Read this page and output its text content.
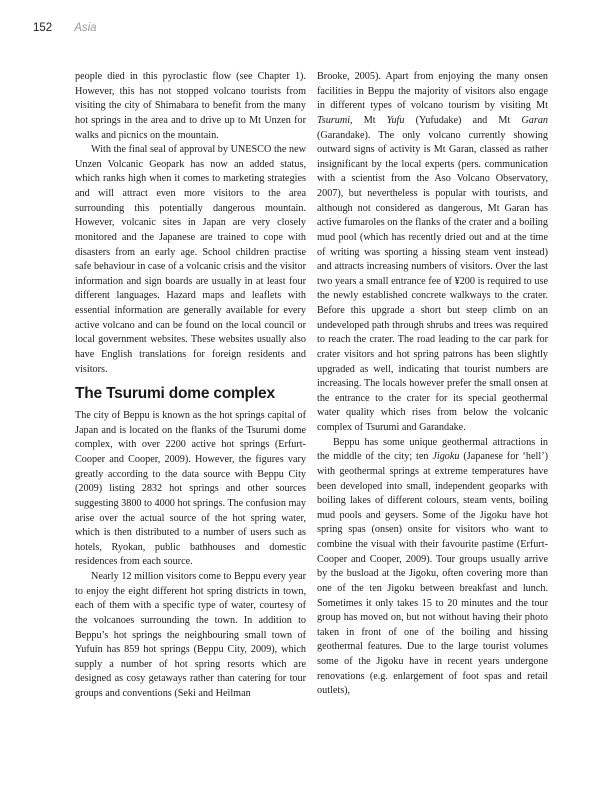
152 Asia

people died in this pyroclastic flow (see Chapter 1). However, this has not stopped volcano tourists from visiting the city of Shimabara to benefit from the many hot springs in the area and to drive up to Mt Unzen for walks and picnics on the mountain.

With the final seal of approval by UNESCO the new Unzen Volcanic Geopark has now an added status, which ranks high when it comes to marketing strategies and will attract even more visitors to the area surrounding this potentially dangerous mountain. However, volcanic sites in Japan are very closely monitored and the Japanese are trained to cope with disasters from an early age. School children practise safe behaviour in case of a volcanic crisis and the visitor information and sign boards are usually in at least four different languages. Hazard maps and leaflets with essential information are generally available for every active volcano and can be found on the local council or local government websites. These websites usually also have English translations for foreign residents and visitors.

The Tsurumi dome complex

The city of Beppu is known as the hot springs capital of Japan and is located on the flanks of the Tsurumi dome complex, with over 2200 active hot springs (Erfurt-Cooper and Cooper, 2009). However, the figures vary greatly according to the data source with Beppu City (2009) listing 2832 hot springs and other sources suggesting 3800 to 4000 hot springs. The confusion may arise over the actual source of the hot spring water, which is then distributed to a number of users such as hotels, Ryokan, public bathhouses and domestic residences from each source.

Nearly 12 million visitors come to Beppu every year to enjoy the eight different hot spring districts in town, each of them with a specific type of water, courtesy of the volcanoes surrounding the town. In addition to Beppu’s hot springs the neighbouring small town of Yufuin has 859 hot springs (Beppu City, 2009), which supply a number of hot spring resorts which are designed as cosy getaways rather than catering for tour groups and conventions (Seki and Heilman

Brooke, 2005). Apart from enjoying the many onsen facilities in Beppu the majority of visitors also engage in different types of volcano tourism by visiting Mt Tsurumi, Mt Yufu (Yufudake) and Mt Garan (Garandake). The only volcano currently showing outward signs of activity is Mt Garan, classed as rather insignificant by the local experts (pers. communication with a scientist from the Aso Volcano Observatory, 2007), but nevertheless is popular with tourists, and although not considered as dangerous, Mt Garan has active fumaroles on the flanks of the crater and a boiling mud pool (which has recently dried out and at the time of writing was sporting a hissing steam vent instead) and attracts increasing numbers of visitors. Over the last two years a small entrance fee of ¥200 is required to use the newly established concrete walkways to the crater. Before this upgrade a short but steep climb on an undeveloped path through shrubs and trees was required to reach the crater. The road leading to the car park for crater visitors and hot spring patrons has been slightly upgraded as well, indicating that tourist numbers are increasing. The locals however prefer the small onsen at the entrance to the crater for its special geothermal water quality which rises from below the volcanic complex of Tsurumi and Garandake.

Beppu has some unique geothermal attractions in the middle of the city; ten Jigoku (Japanese for ‘hell’) with geothermal springs at extreme temperatures have been developed into small, independent geoparks with boiling lakes of different colours, steam vents, boiling mud pools and geysers. Some of the Jigoku have hot spring spas (onsen) onsite for visitors who want to combine the visual with their favourite pastime (Erfurt-Cooper and Cooper, 2009). Tour groups usually arrive by the busload at the Jigoku, often covering more than one of the ten Jigoku between breakfast and lunch. Sometimes it only takes 15 to 20 minutes and the tour group has moved on, but not without having their photo taken in front of one of the boiling and hissing geothermal features. Due to the large tourist volumes some of the Jigoku have in recent years undergone renovations (e.g. enlargement of foot spas and retail outlets),
